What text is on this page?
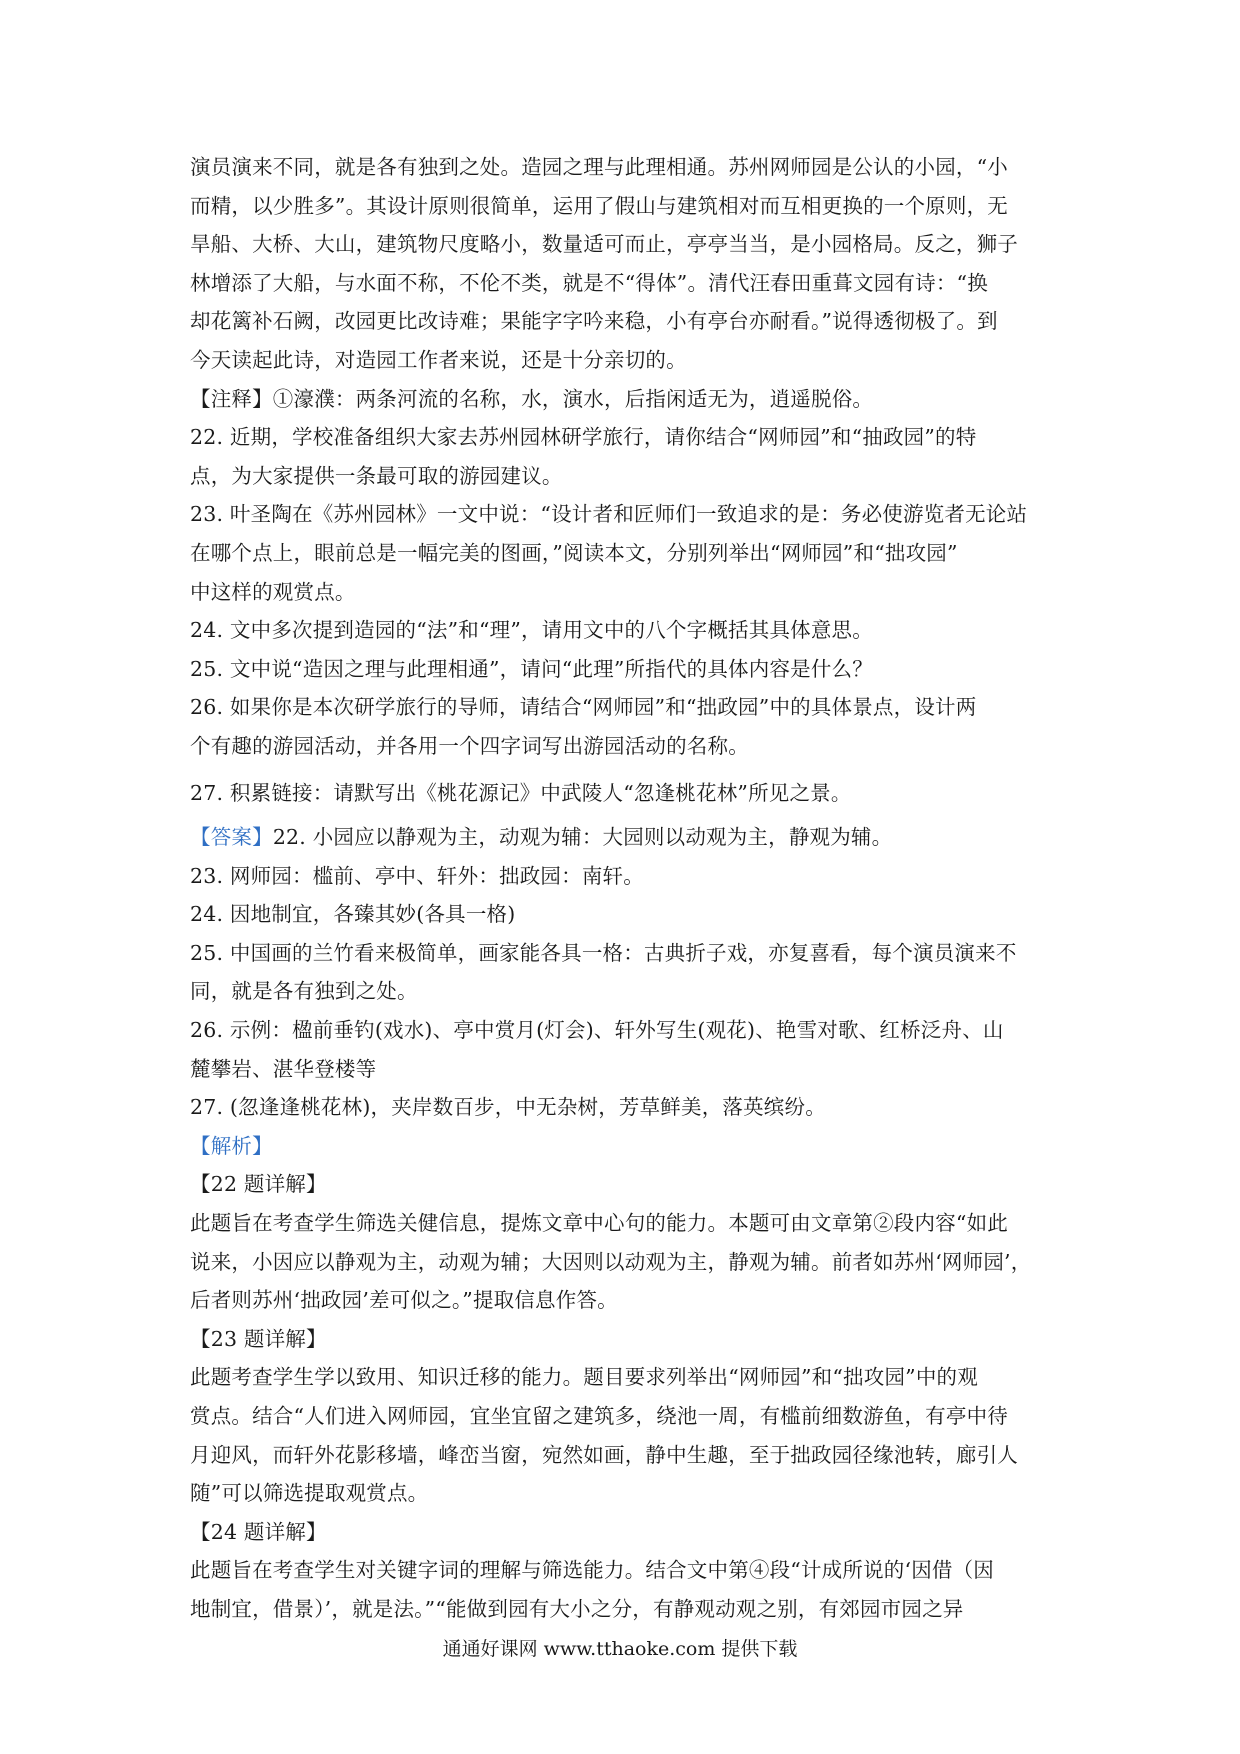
演员演来不同，就是各有独到之处。造园之理与此理相通。苏州网师园是公认的小园，“小
而精，以少胜多”。其设计原则很简单，运用了假山与建筑相对而互相更换的一个原则，无
旱船、大桥、大山，建筑物尺度略小，数量适可而止，亭亭当当，是小园格局。反之，狮子
林增添了大船，与水面不称，不伦不类，就是不“得体”。清代汪春田重葺文园有诗：“换
却花篱补石阙，改园更比改诗难；果能字字吟来稳，小有亭台亦耐看。”说得透彻极了。到
今天读起此诗，对造园工作者来说，还是十分亲切的。
【注释】①濠濮：两条河流的名称，水，演水，后指闲适无为，逍遥脱俗。
22. 近期，学校准备组织大家去苏州园林研学旅行，请你结合“网师园”和“抽政园”的特
点，为大家提供一条最可取的游园建议。
23. 叶圣陶在《苏州园林》一文中说：“设计者和匠师们一致追求的是：务必使游览者无论站
在哪个点上，眼前总是一幅完美的图画，”阅读本文，分别列举出“网师园”和“拙攻园”
中这样的观赏点。
24. 文中多次提到造园的“法”和“理”，请用文中的八个字概括其具体意思。
25. 文中说“造因之理与此理相通”，请问“此理”所指代的具体内容是什么？
26. 如果你是本次研学旅行的导师，请结合“网师园”和“拙政园”中的具体景点，设计两
个有趣的游园活动，并各用一个四字词写出游园活动的名称。
27. 积累链接：请默写出《桃花源记》中武陵人“忽逢桃花林”所见之景。
【答案】22. 小园应以静观为主，动观为辅：大园则以动观为主，静观为辅。
23. 网师园：槛前、亭中、轩外：拙政园：南轩。
24. 因地制宜，各臻其妙(各具一格)
25. 中国画的兰竹看来极简单，画家能各具一格：古典折子戏，亦复喜看，每个演员演来不
同，就是各有独到之处。
26. 示例：楹前垂钓(戏水)、亭中赏月(灯会)、轩外写生(观花)、艳雪对歌、红桥泛舟、山
麓攀岩、湛华登楼等
27. (忽逢逢桃花林)，夹岸数百步，中无杂树，芳草鲜美，落英缤纷。
【解析】
【22 题详解】
此题旨在考查学生筛选关健信息，提炼文章中心句的能力。本题可由文章第②段内容“如此
说来，小因应以静观为主，动观为辅；大因则以动观为主，静观为辅。前者如苏州‘网师园’，
后者则苏州‘拙政园’差可似之。”提取信息作答。
【23 题详解】
此题考查学生学以致用、知识迁移的能力。题目要求列举出“网师园”和“拙攻园”中的观
赏点。结合“人们进入网师园，宜坐宜留之建筑多，绕池一周，有槛前细数游鱼，有亭中待
月迎风，而轩外花影移墙，峰峦当窗，宛然如画，静中生趣，至于拙政园径缘池转，廊引人
随”可以筛选提取观赏点。
【24 题详解】
此题旨在考查学生对关键字词的理解与筛选能力。结合文中第④段“计成所说的‘因借（因
地制宜，借景）’，就是法。”“能做到园有大小之分，有静观动观之别，有郊园市园之异
通通好课网 www.tthaoke.com 提供下载
